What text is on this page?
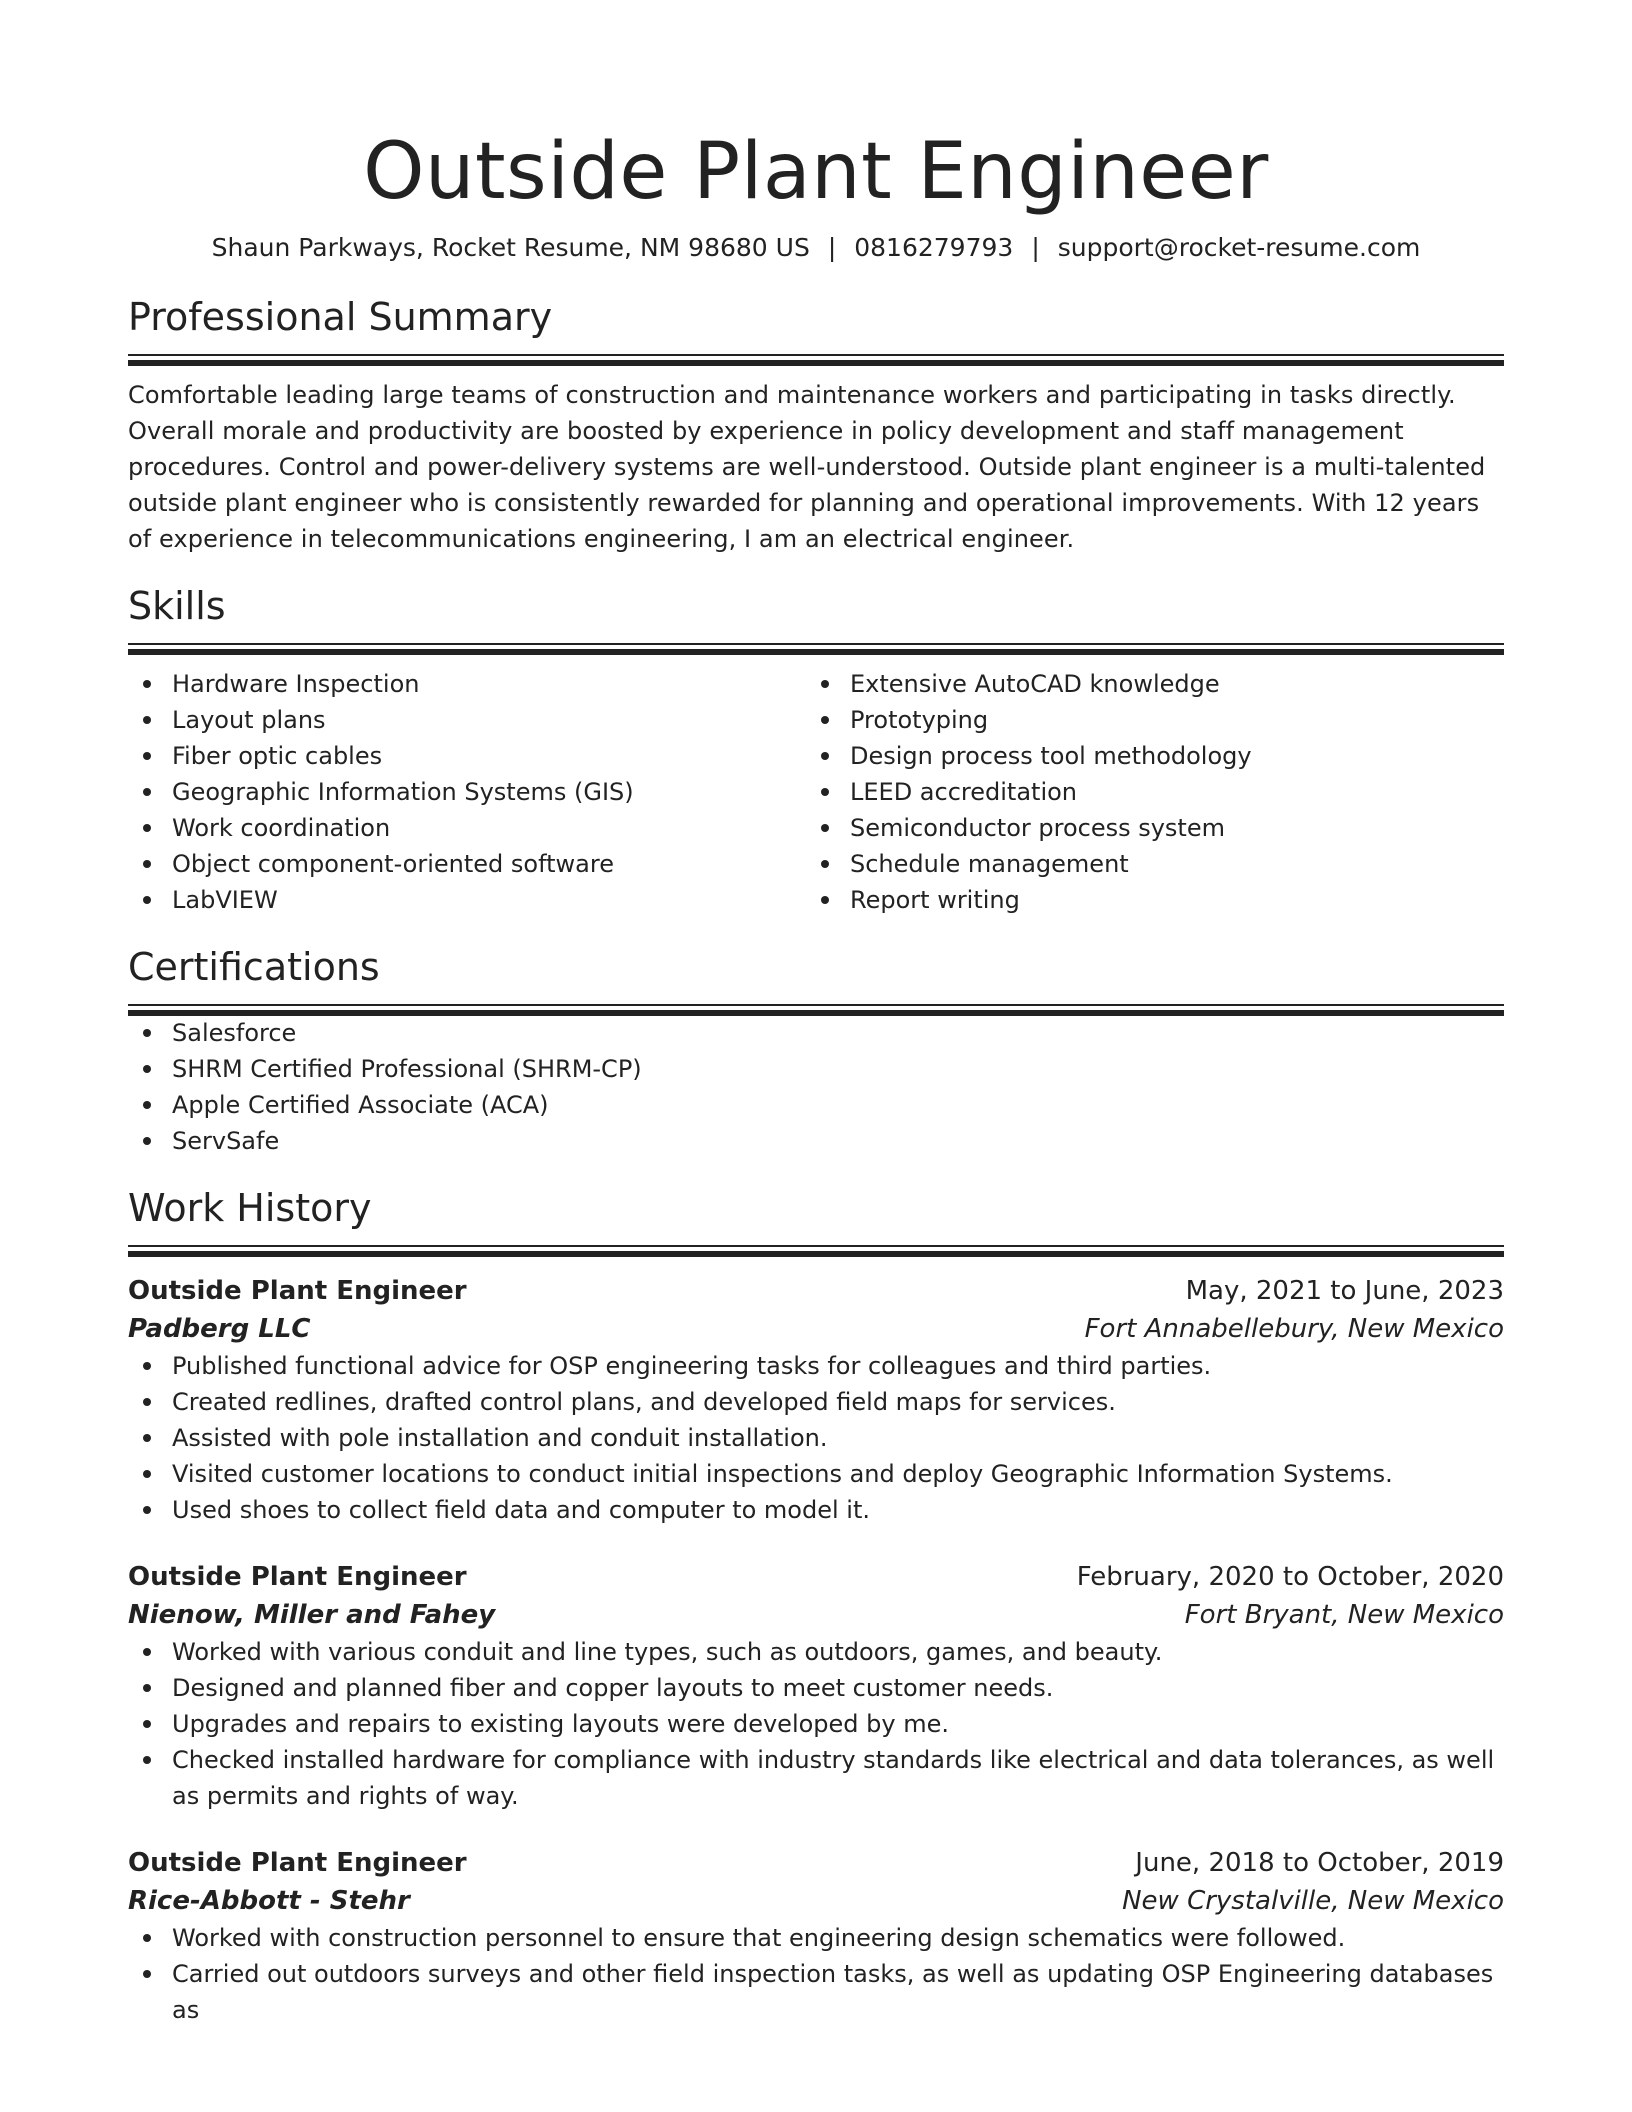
Outside Plant Engineer
Shaun Parkways, Rocket Resume, NM 98680 US | 0816279793 | support@rocket-resume.com
Professional Summary

Comfortable leading large teams of construction and maintenance workers and participating in tasks directly. Overall morale and productivity are boosted by experience in policy development and staff management procedures. Control and power-delivery systems are well-understood. Outside plant engineer is a multi-talented outside plant engineer who is consistently rewarded for planning and operational improvements. With 12 years of experience in telecommunications engineering, I am an electrical engineer.

Skills
Hardware Inspection
Layout plans
Fiber optic cables
Geographic Information Systems (GIS)
Work coordination
Object component-oriented software
LabVIEW
Extensive AutoCAD knowledge
Prototyping
Design process tool methodology
LEED accreditation
Semiconductor process system
Schedule management
Report writing
Certifications
Salesforce
SHRM Certified Professional (SHRM-CP)
Apple Certified Associate (ACA)
ServSafe
Work History
Outside Plant Engineer	May, 2021 to June, 2023
Padberg LLC	Fort Annabellebury, New Mexico
Published functional advice for OSP engineering tasks for colleagues and third parties.
Created redlines, drafted control plans, and developed field maps for services.
Assisted with pole installation and conduit installation.
Visited customer locations to conduct initial inspections and deploy Geographic Information Systems.
Used shoes to collect field data and computer to model it.
Outside Plant Engineer	February, 2020 to October, 2020
Nienow, Miller and Fahey	Fort Bryant, New Mexico
Worked with various conduit and line types, such as outdoors, games, and beauty.
Designed and planned fiber and copper layouts to meet customer needs.
Upgrades and repairs to existing layouts were developed by me.
Checked installed hardware for compliance with industry standards like electrical and data tolerances, as well as permits and rights of way.
Outside Plant Engineer	June, 2018 to October, 2019
Rice-Abbott - Stehr	New Crystalville, New Mexico
Worked with construction personnel to ensure that engineering design schematics were followed.
Carried out outdoors surveys and other field inspection tasks, as well as updating OSP Engineering databases as
